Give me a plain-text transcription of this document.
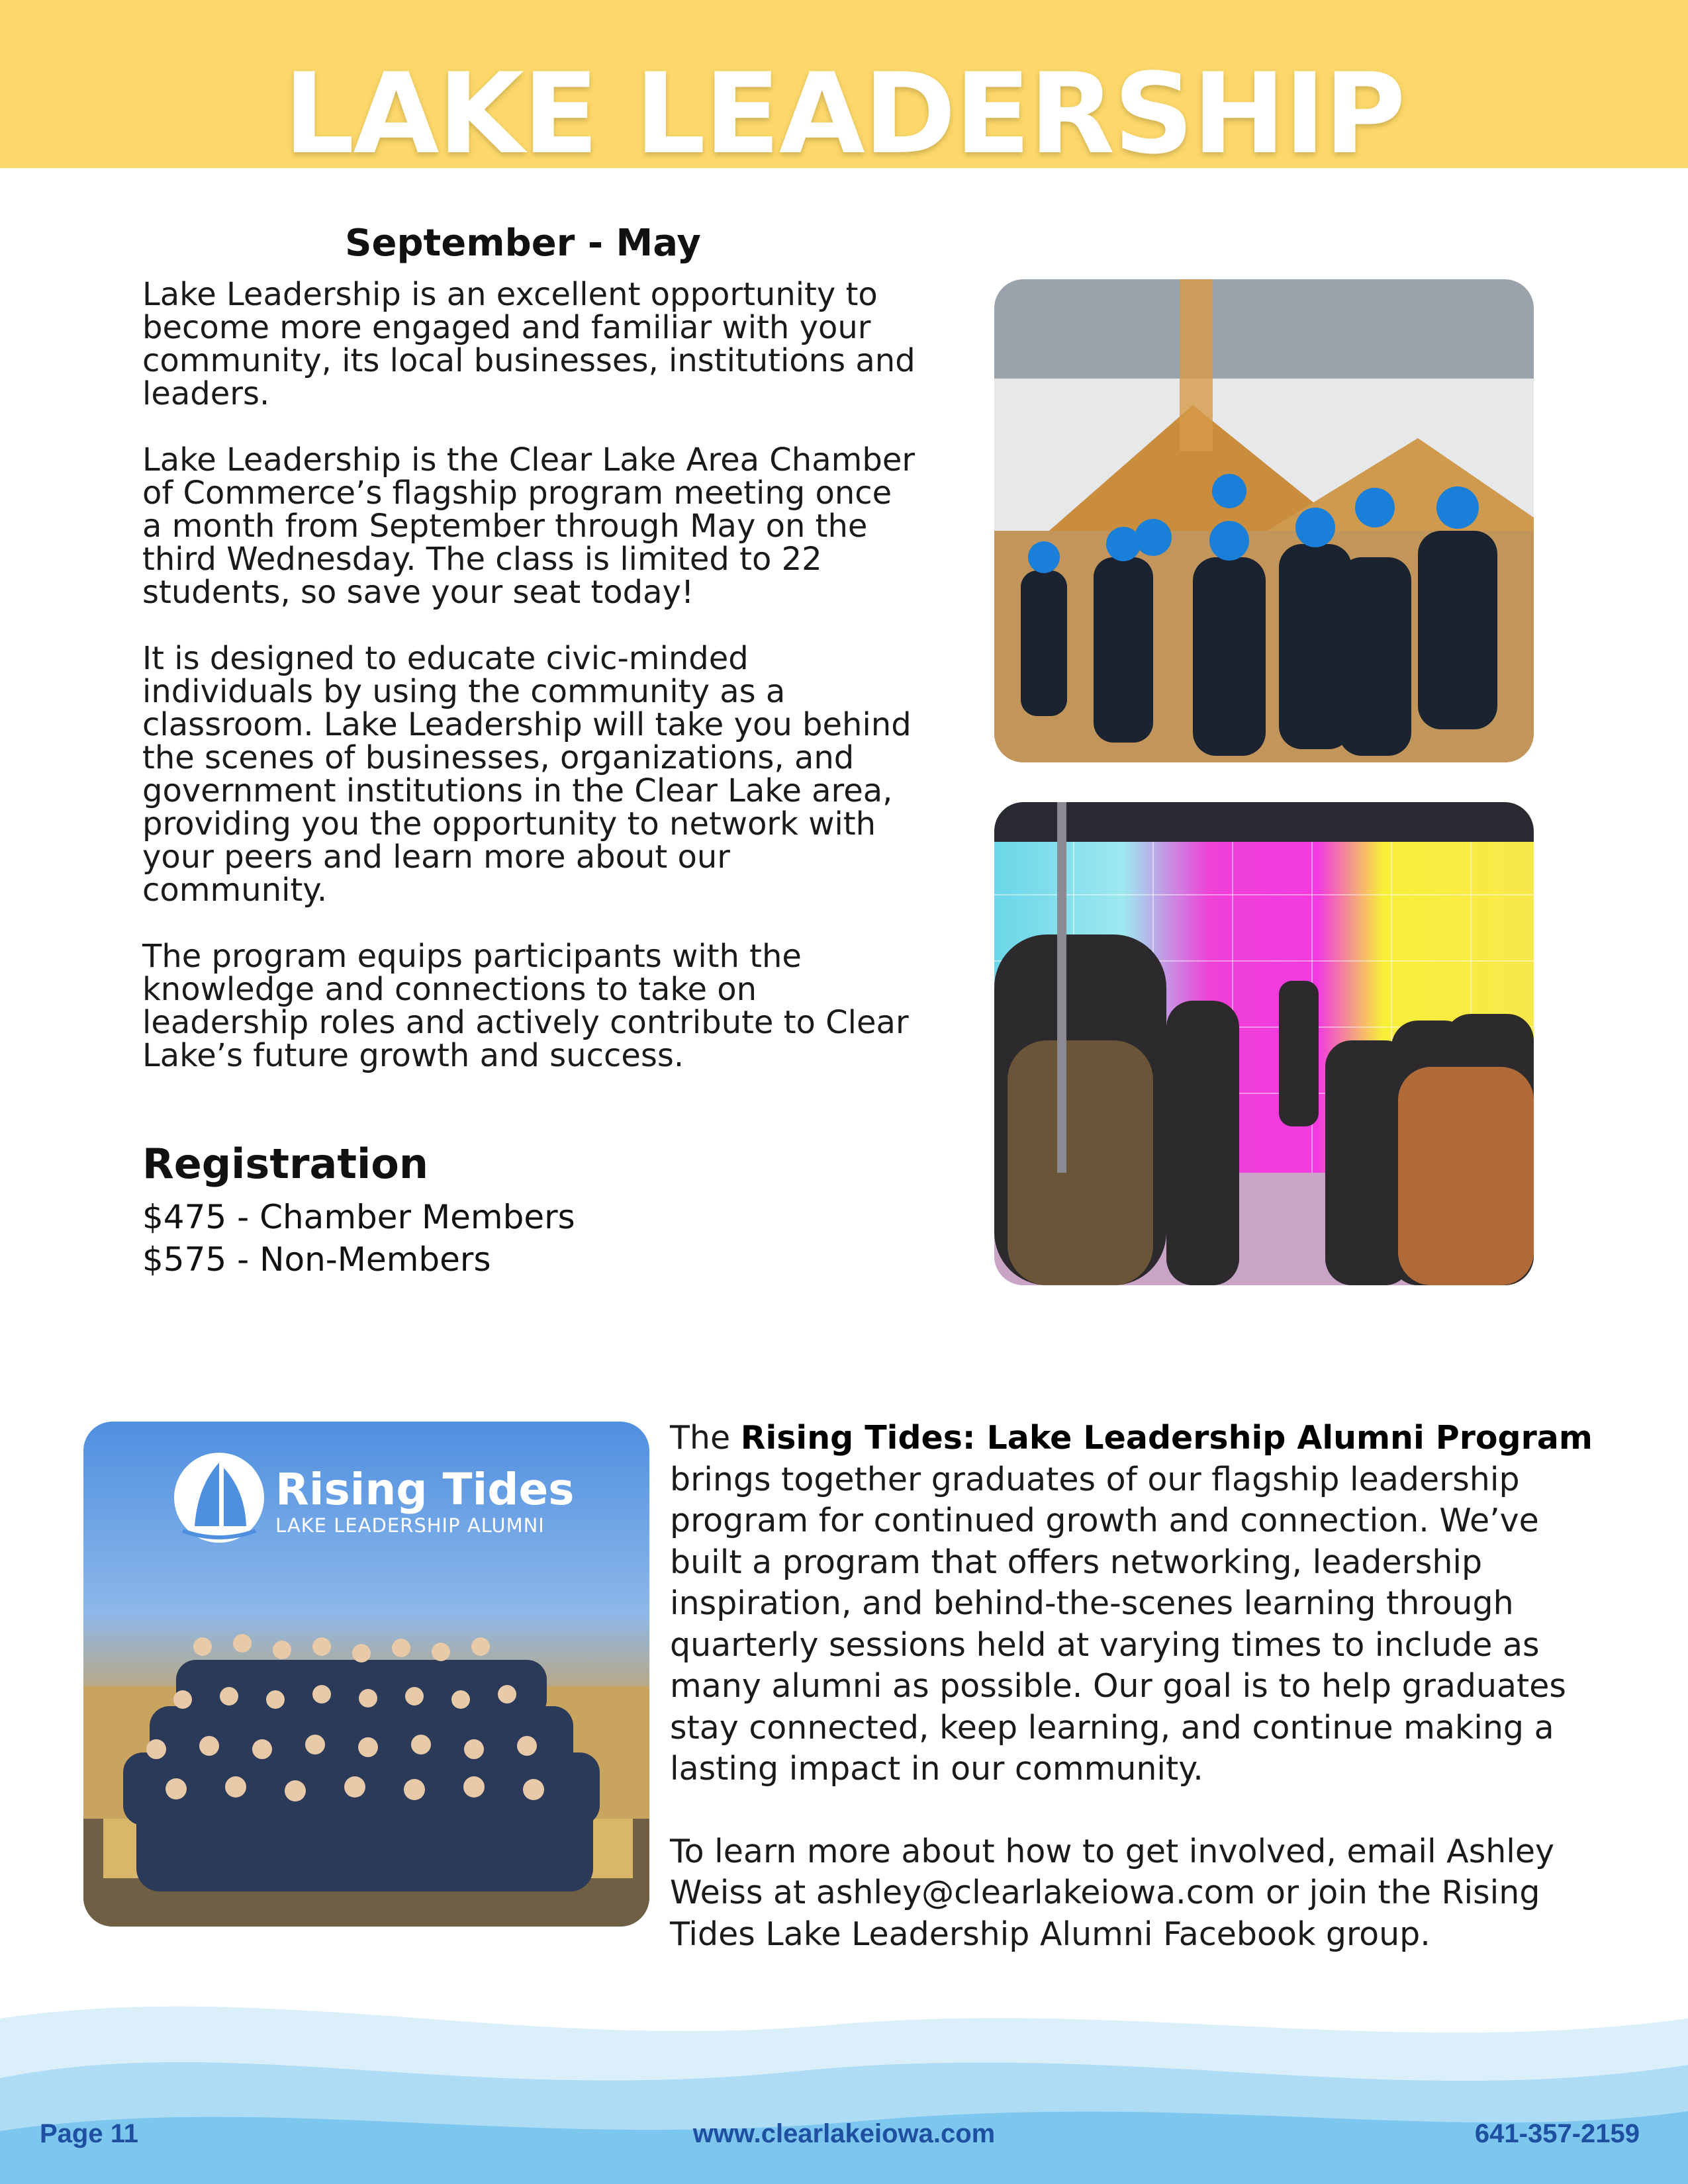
LAKE LEADERSHIP
September - May

Lake Leadership is an excellent opportunity to become more engaged and familiar with your community, its local businesses, institutions and leaders.

Lake Leadership is the Clear Lake Area Chamber of Commerce’s flagship program meeting once a month from September through May on the third Wednesday. The class is limited to 22 students, so save your seat today!

It is designed to educate civic-minded individuals by using the community as a classroom. Lake Leadership will take you behind the scenes of businesses, organizations, and government institutions in the Clear Lake area, providing you the opportunity to network with your peers and learn more about our community.

The program equips participants with the knowledge and connections to take on leadership roles and actively contribute to Clear Lake’s future growth and success.

Registration
$475 - Chamber Members
$575 - Non-Members
Rising Tides
LAKE LEADERSHIP ALUMNI

The Rising Tides: Lake Leadership Alumni Program brings together graduates of our flagship leadership program for continued growth and connection. We’ve built a program that offers networking, leadership inspiration, and behind-the-scenes learning through quarterly sessions held at varying times to include as many alumni as possible. Our goal is to help graduates stay connected, keep learning, and continue making a lasting impact in our community.

To learn more about how to get involved, email Ashley Weiss at ashley@clearlakeiowa.com or join the Rising Tides Lake Leadership Alumni Facebook group.

Page 11	www.clearlakeiowa.com	641-357-2159
